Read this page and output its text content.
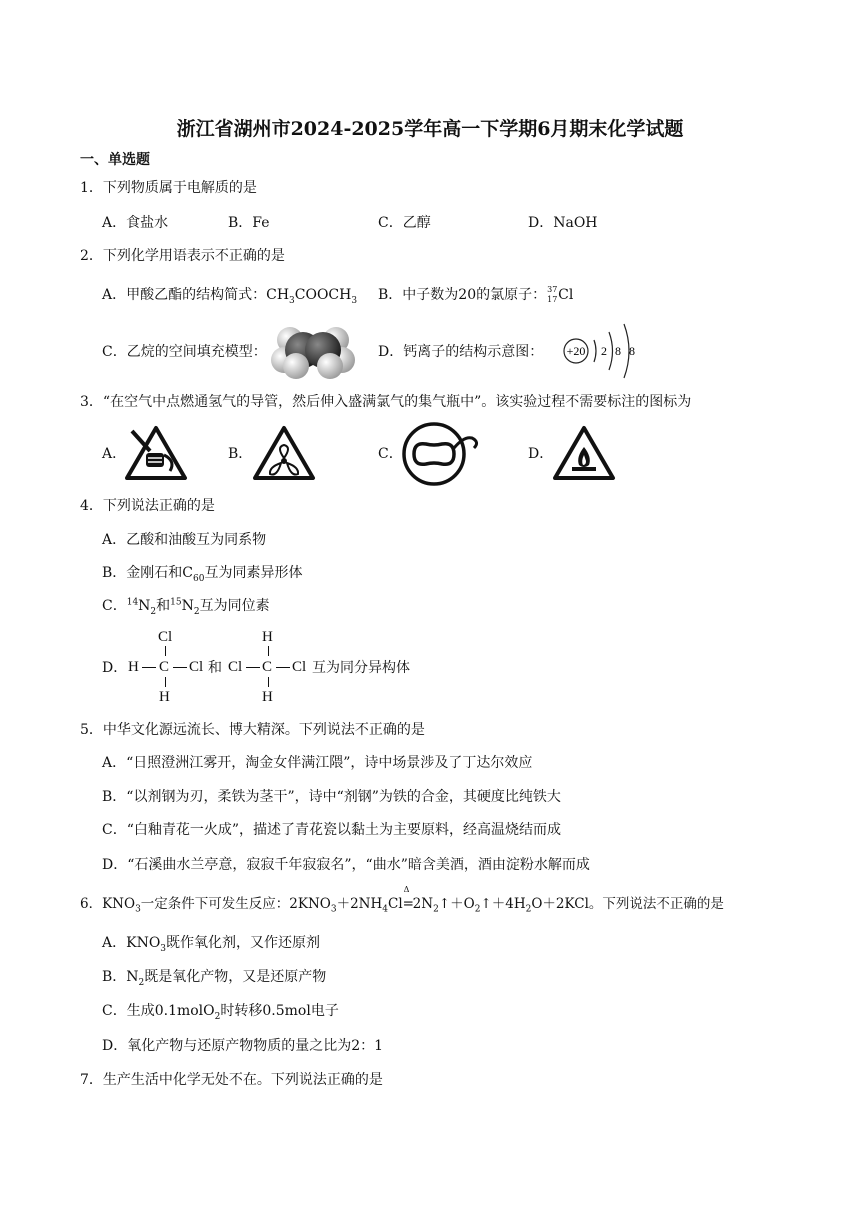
浙江省湖州市2024-2025学年高一下学期6月期末化学试题
一、单选题
1．下列物质属于电解质的是
A．食盐水	B．Fe	C．乙醇	D．NaOH
2．下列化学用语表示不正确的是
A．甲酸乙酯的结构简式：$CH_3COOCH_3$ B．中子数为20的氯原子： 37
17 Cl
C．乙烷的空间填充模型：	D．钙离子的结构示意图： +20 2 8 8
3．“在空气中点燃通氢气的导管，然后伸入盛满氯气的集气瓶中”。该实验过程不需要标注的图标为
A．	B．	C．	D．
4．下列说法正确的是
A．乙酸和油酸互为同系物
B．金刚石和$C_{60}$互为同素异形体
C．$^{14}N_2$和$^{15}N_2$互为同位素
D．
Cl
H C Cl
H
和
H
Cl C Cl
H
互为同分异构体
5．中华文化源远流长、博大精深。下列说法不正确的是
A．“日照澄洲江雾开，淘金女伴满江隈”，诗中场景涉及了丁达尔效应
B．“以剂钢为刃，柔铁为茎干”，诗中“剂钢”为铁的合金，其硬度比纯铁大
C．“白釉青花一火成”，描述了青花瓷以黏土为主要原料，经高温烧结而成
D．“石溪曲水兰亭意，寂寂千年寂寂名”，“曲水”暗含美酒，酒由淀粉水解而成
6．$KNO_3$一定条件下可发生反应：$2KNO_3+2NH_4Cl$
Δ
$=2N_2↑+O_2↑+4H_2O+2KCl$。下列说法不正确的是
A．$KNO_3$既作氧化剂，又作还原剂
B．$N_2$既是氧化产物，又是还原产物
C．生成0.1molO$_2$时转移0.5mol电子
D．氧化产物与还原产物物质的量之比为2：1
7．生产生活中化学无处不在。下列说法正确的是
